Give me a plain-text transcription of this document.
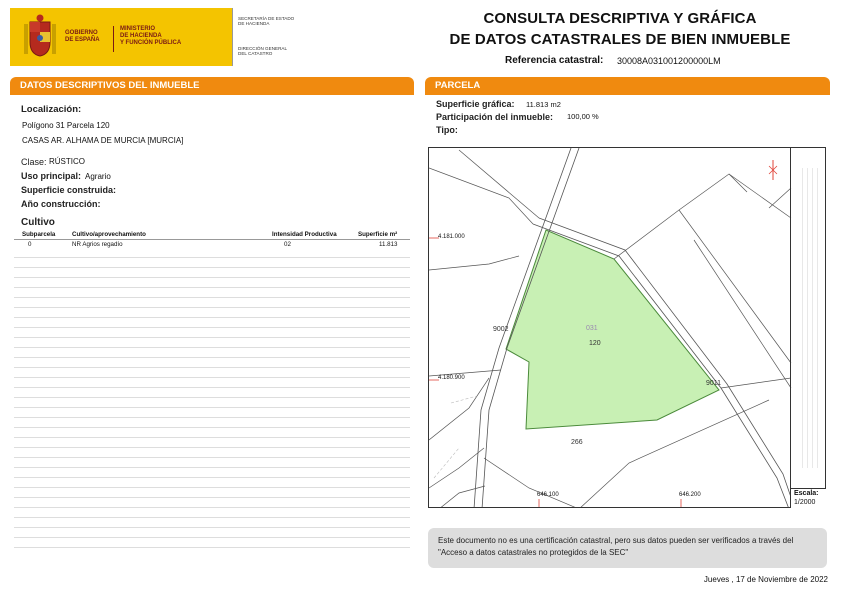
GOBIERNO
DE ESPAÑA
MINISTERIO
DE HACIENDA
Y FUNCIÓN PÚBLICA
SECRETARÍA DE ESTADO
DE HACIENDA
DIRECCIÓN GENERAL
DEL CATASTRO
CONSULTA DESCRIPTIVA Y GRÁFICA
DE DATOS CATASTRALES DE BIEN INMUEBLE
Referencia catastral: 30008A031001200000LM
DATOS DESCRIPTIVOS DEL INMUEBLE
Localización:
Polígono 31 Parcela 120
CASAS AR. ALHAMA DE MURCIA [MURCIA]
Clase: RÚSTICO
Uso principal: Agrario
Superficie construida:
Año construcción:
Cultivo
Subparcela	Cultivo/aprovechamiento	Intensidad Productiva	Superficie m²
0	NR Agrios regadío	02	11.813
PARCELA
Superficie gráfica: 11.813 m2
Participación del inmueble: 100,00 %
Tipo:
4.181.000
4.180.900
646.100	646.200
031
120
9002
9011
266
Escala:
1/2000
Este documento no es una certificación catastral, pero sus datos pueden ser verificados a través del "Acceso a datos catastrales no protegidos de la SEC"
Jueves , 17 de Noviembre de 2022
